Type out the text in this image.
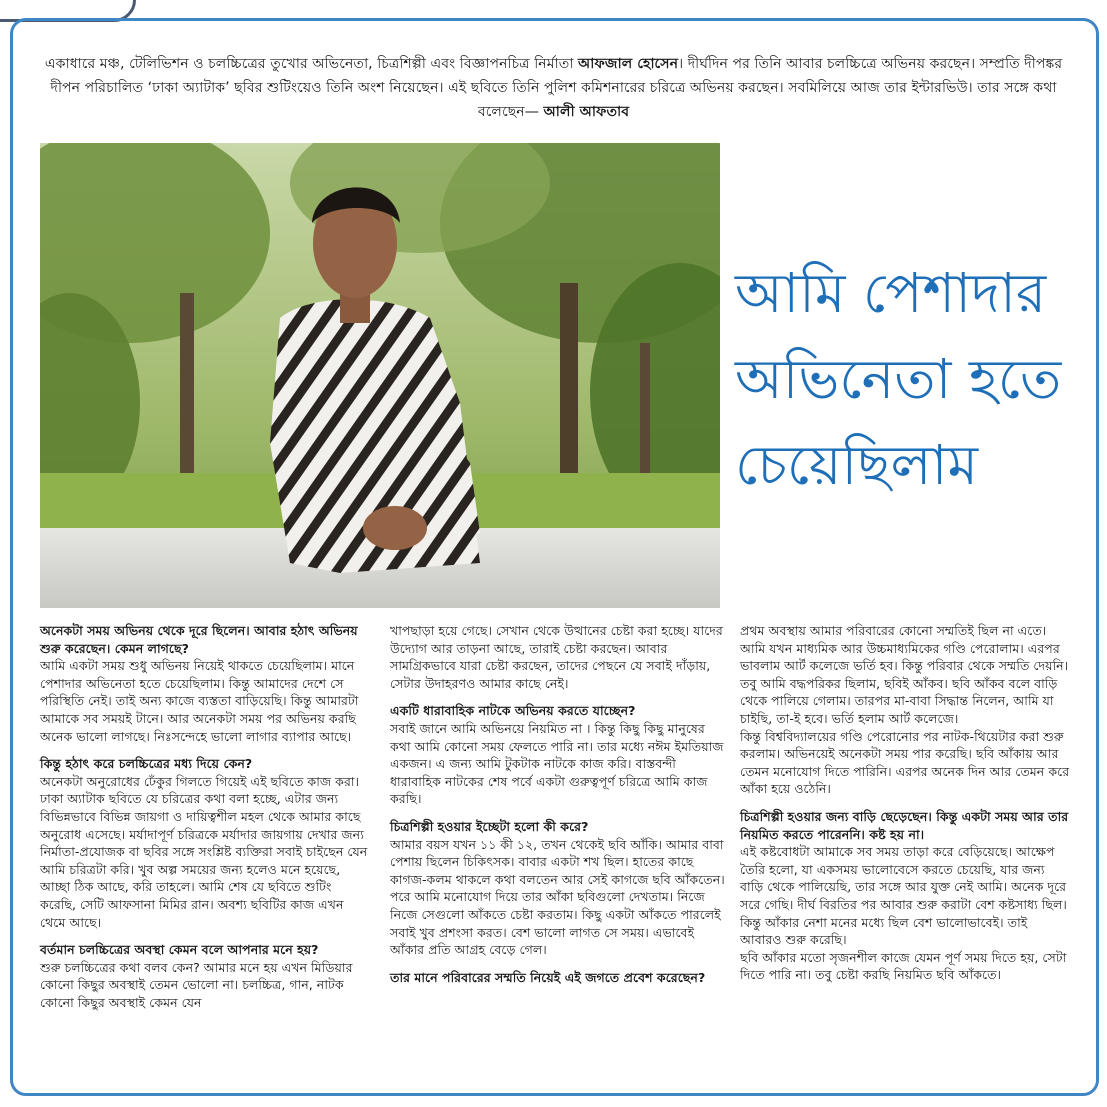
একাধারে মঞ্চ, টেলিভিশন ও চলচ্চিত্রের তুখোর অভিনেতা, চিত্রশিল্পী এবং বিজ্ঞাপনচিত্র নির্মাতা আফজাল হোসেন। দীর্ঘদিন পর তিনি আবার চলচ্চিত্রে অভিনয় করছেন। সম্প্রতি দীপঙ্কর দীপন পরিচালিত ‘ঢাকা অ্যাটাক’ ছবির শুটিংয়েও তিনি অংশ নিয়েছেন। এই ছবিতে তিনি পুলিশ কমিশনারের চরিত্রে অভিনয় করছেন। সবমিলিয়ে আজ তার ইন্টারভিউ। তার সঙ্গে কথা বলেছেন— আলী আফতাব
আমি পেশাদার
অভিনেতা হতে
চেয়েছিলাম

অনেকটা সময় অভিনয় থেকে দূরে ছিলেন। আবার হঠাৎ অভিনয় শুরু করেছেন। কেমন লাগছে?

আমি একটা সময় শুধু অভিনয় নিয়েই থাকতে চেয়েছিলাম। মানে পেশাদার অভিনেতা হতে চেয়েছিলাম। কিন্তু আমাদের দেশে সে পরিস্থিতি নেই। তাই অন্য কাজে ব্যস্ততা বাড়িয়েছি। কিন্তু আমারটা আমাকে সব সময়ই টানে। আর অনেকটা সময় পর অভিনয় করছি অনেক ভালো লাগছে। নিঃসন্দেহে ভালো লাগার ব্যাপার আছে।

কিন্তু হঠাৎ করে চলচ্চিত্রের মধ্য দিয়ে কেন?

অনেকটা অনুরোধের ঢেঁকুর গিলতে গিয়েই এই ছবিতে কাজ করা। ঢাকা অ্যাটাক ছবিতে যে চরিত্রের কথা বলা হচ্ছে, এটার জন্য বিভিন্নভাবে বিভিন্ন জায়গা ও দায়িত্বশীল মহল থেকে আমার কাছে অনুরোধ এসেছে। মর্যাদাপূর্ণ চরিত্রকে মর্যাদার জায়গায় দেখার জন্য নির্মাতা-প্রযোজক বা ছবির সঙ্গে সংশ্লিষ্ট ব্যক্তিরা সবাই চাইছেন যেন আমি চরিত্রটা করি। খুব অল্প সময়ের জন্য হলেও মনে হয়েছে, আচ্ছা ঠিক আছে, করি তাহলে। আমি শেষ যে ছবিতে শুটিং করেছি, সেটি আফসানা মিমির রান। অবশ্য ছবিটির কাজ এখন থেমে আছে।

বর্তমান চলচ্চিত্রের অবস্থা কেমন বলে আপনার মনে হয়?

শুরু চলচ্চিত্রের কথা বলব কেন? আমার মনে হয় এখন মিডিয়ার কোনো কিছুর অবস্থাই তেমন ভোলো না। চলচ্চিত্র, গান, নাটক কোনো কিছুর অবস্থাই কেমন যেন

খাপছাড়া হয়ে গেছে। সেখান থেকে উত্থানের চেষ্টা করা হচ্ছে। যাদের উদ্যোগ আর তাড়না আছে, তারাই চেষ্টা করছেন। আবার সামগ্রিকভাবে যারা চেষ্টা করছেন, তাদের পেছনে যে সবাই দাঁড়ায়, সেটার উদাহরণও আমার কাছে নেই।

একটি ধারাবাহিক নাটকে অভিনয় করতে যাচ্ছেন?

সবাই জানে আমি অভিনয়ে নিয়মিত না । কিন্তু কিছু কিছু মানুষের কথা আমি কোনো সময় ফেলতে পারি না। তার মধ্যে নঈম ইমতিয়াজ একজন। এ জন্য আমি টুকটাক নাটকে কাজ করি। বাস্তবন্দী ধারাবাহিক নাটকের শেষ পর্বে একটা গুরুত্বপূর্ণ চরিত্রে আমি কাজ করছি।

চিত্রশিল্পী হওয়ার ইচ্ছেটা হলো কী করে?

আমার বয়স যখন ১১ কী ১২, তখন থেকেই ছবি আঁকি। আমার বাবা পেশায় ছিলেন চিকিৎসক। বাবার একটা শখ ছিল। হাতের কাছে কাগজ-কলম থাকলে কথা বলতেন আর সেই কাগজে ছবি আঁকতেন। পরে আমি মনোযোগ দিয়ে তার আঁকা ছবিগুলো দেখতাম। নিজে নিজে সেগুলো আঁকতে চেষ্টা করতাম। কিছু একটা আঁকতে পারলেই সবাই খুব প্রশংসা করত। বেশ ভালো লাগত সে সময়। এভাবেই আঁকার প্রতি আগ্রহ বেড়ে গেল।

তার মানে পরিবারের সম্মতি নিয়েই এই জগতে প্রবেশ করেছেন?

প্রথম অবস্থায় আমার পরিবারের কোনো সম্মতিই ছিল না এতে। আমি যখন মাধ্যমিক আর উচ্চমাধ্যমিকের গণ্ডি পেরোলাম। এরপর ভাবলাম আর্ট কলেজে ভর্তি হব। কিন্তু পরিবার থেকে সম্মতি দেয়নি। তবু আমি বদ্ধপরিকর ছিলাম, ছবিই আঁকব। ছবি আঁকব বলে বাড়ি থেকে পালিয়ে গেলাম। তারপর মা-বাবা সিদ্ধান্ত নিলেন, আমি যা চাইছি, তা-ই হবে। ভর্তি হলাম আর্ট কলেজে।
কিন্তু বিশ্ববিদ্যালয়ের গণ্ডি পেরোনোর পর নাটক-থিয়েটার করা শুরু করলাম। অভিনয়েই অনেকটা সময় পার করেছি। ছবি আঁকায় আর তেমন মনোযোগ দিতে পারিনি। এরপর অনেক দিন আর তেমন করে আঁকা হয়ে ওঠেনি।

চিত্রশিল্পী হওয়ার জন্য বাড়ি ছেড়েছেন। কিন্তু একটা সময় আর তার নিয়মিত করতে পারেননি। কষ্ট হয় না।

এই কষ্টবোধটা আমাকে সব সময় তাড়া করে বেড়িয়েছে। আক্ষেপ তৈরি হলো, যা একসময় ভালোবেসে করতে চেয়েছি, যার জন্য বাড়ি থেকে পালিয়েছি, তার সঙ্গে আর যুক্ত নেই আমি। অনেক দূরে সরে গেছি। দীর্ঘ বিরতির পর আবার শুরু করাটা বেশ কষ্টসাধ্য ছিল। কিন্তু আঁকার নেশা মনের মধ্যে ছিল বেশ ভালোভাবেই। তাই আবারও শুরু করেছি।
ছবি আঁকার মতো সৃজনশীল কাজে যেমন পূর্ণ সময় দিতে হয়, সেটা দিতে পারি না। তবু চেষ্টা করছি নিয়মিত ছবি আঁকতে।
